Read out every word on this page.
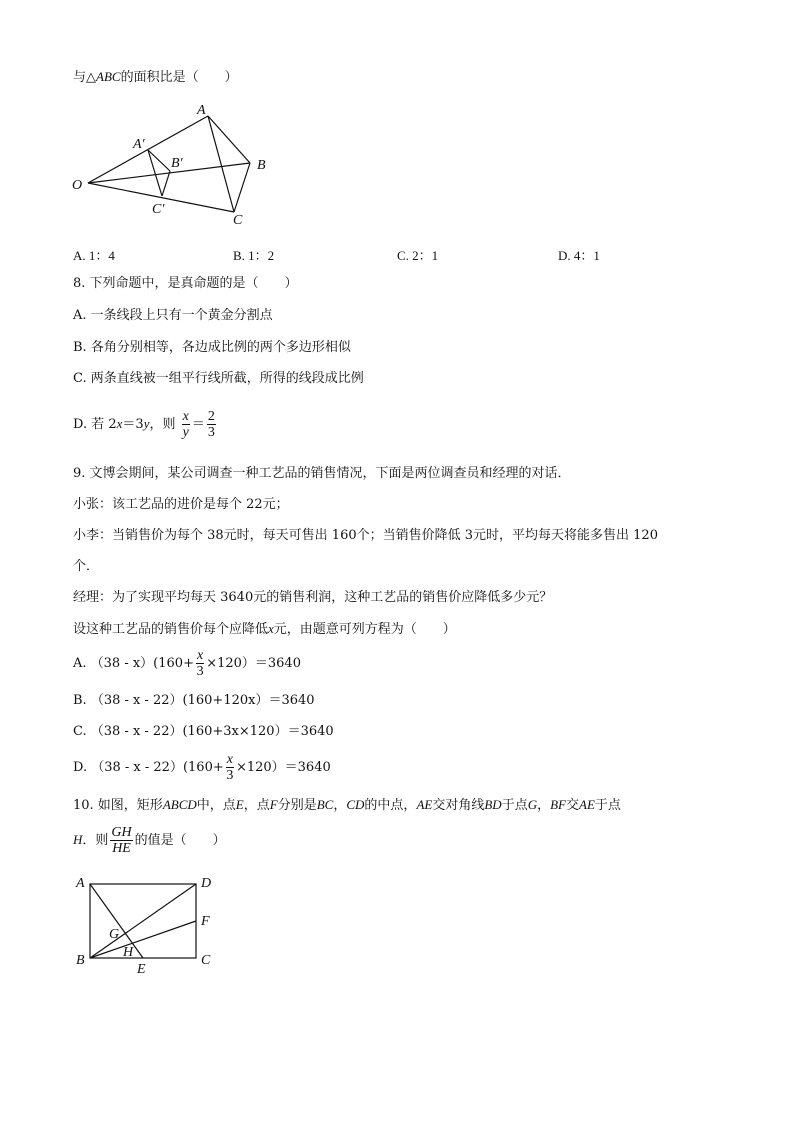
与△ABC的面积比是（　　）
A
A′
B
B′
C
C′
O
A. 1：4	B. 1：2	C. 2：1	D. 4：1
8. 下列命题中，是真命题的是（　　）
A. 一条线段上只有一个黄金分割点
B. 各角分别相等，各边成比例的两个多边形相似
C. 两条直线被一组平行线所截，所得的线段成比例
D. 若 2x＝3y，则 $\frac{x}{y} = \frac{2}{3}$
9. 文博会期间，某公司调查一种工艺品的销售情况，下面是两位调查员和经理的对话．
小张：该工艺品的进价是每个 22元；
小李：当销售价为每个 38元时，每天可售出 160个；当销售价降低 3元时，平均每天将能多售出 120
个．
经理：为了实现平均每天 3640元的销售利润，这种工艺品的销售价应降低多少元？
设这种工艺品的销售价每个应降低x元，由题意可列方程为（　　）
A. $(38 - x)(160+ \frac{x}{3} \times 120)=3640$
B. （38 - x - 22）(160+120x）＝3640
C. （38 - x - 22）(160+3x×120）＝3640
D. $(38 - x - 22)(160+ \frac{x}{3} \times 120)=3640$
10. 如图，矩形ABCD中，点E，点F分别是BC，CD的中点，AE交对角线BD于点G，BF交AE于点
H．则 $\frac{GH}{HE}$ 的值是（　　）
A	D
F
G
H
B	C
E
